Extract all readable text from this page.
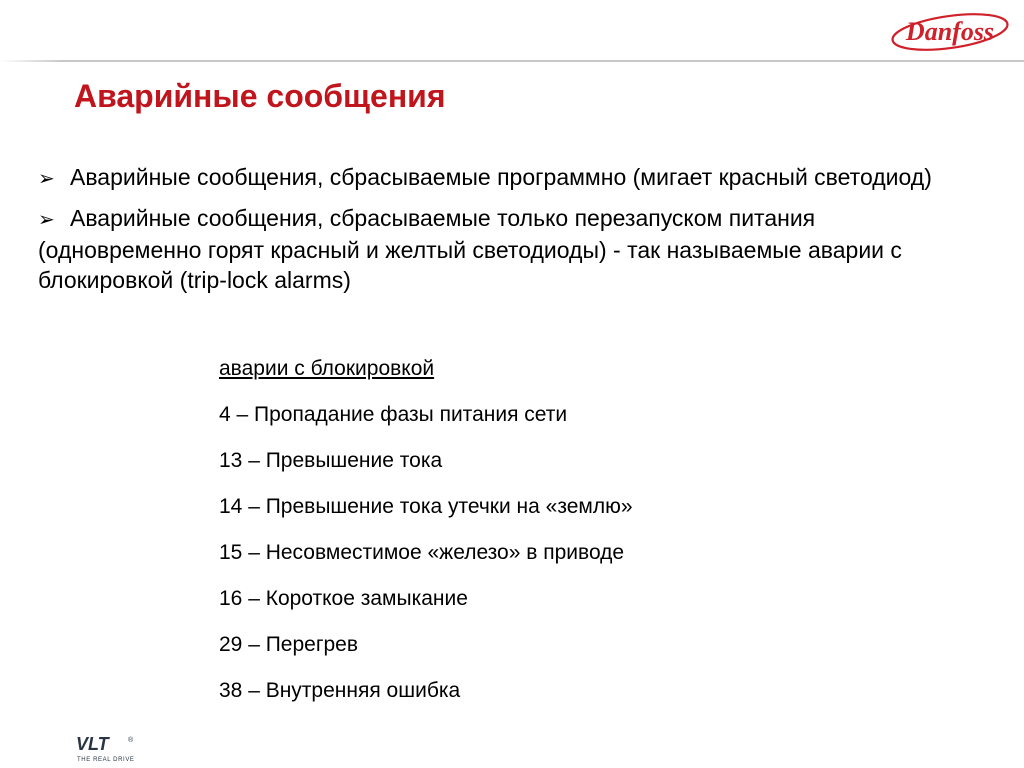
Danfoss
Аварийные сообщения

➢ Аварийные сообщения, сбрасываемые программно (мигает красный светодиод)

➢ Аварийные сообщения, сбрасываемые только перезапуском питания (одновременно горят красный и желтый светодиоды) - так называемые аварии с блокировкой (trip-lock alarms)

аварии с блокировкой

4 – Пропадание фазы питания сети

13 – Превышение тока

14 – Превышение тока утечки на «землю»

15 – Несовместимое «железо» в приводе

16 – Короткое замыкание

29 – Перегрев

38 – Внутренняя ошибка

VLT	®
THE REAL DRIVE
